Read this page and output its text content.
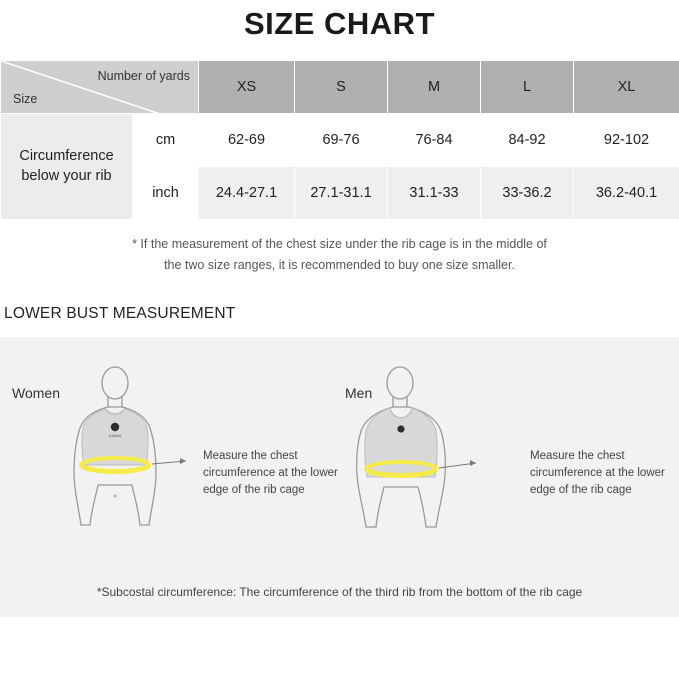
SIZE CHART
Number of yards
Size		XS	S	M	L	XL
Circumference below your rib	cm	62-69	69-76	76-84	84-92	92-102
	inch	24.4-27.1	27.1-31.1	31.1-33	33-36.2	36.2-40.1
* If the measurement of the chest size under the rib cage is in the middle of
the two size ranges, it is recommended to buy one size smaller.
LOWER BUST MEASUREMENT
Women	Men
KANAI
Measure the chest circumference at the lower edge of the rib cage
Measure the chest circumference at the lower edge of the rib cage
*Subcostal circumference: The circumference of the third rib from the bottom of the rib cage
